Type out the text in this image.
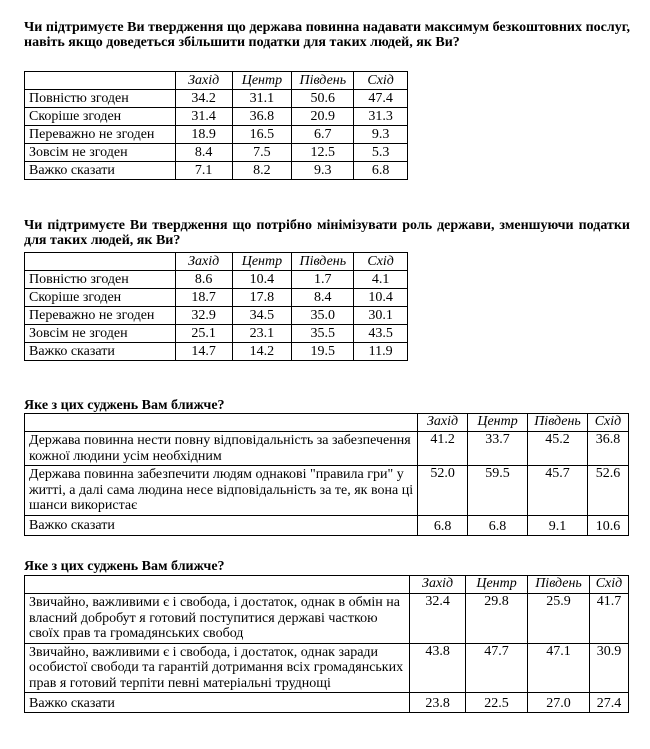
Чи підтримуєте Ви твердження що держава повинна надавати максимум безкоштовних послуг, навіть якщо доведеться збільшити податки для таких людей, як Ви?

	Захід	Центр	Південь	Схід
Повністю згоден	34.2	31.1	50.6	47.4
Скоріше згоден	31.4	36.8	20.9	31.3
Переважно не згоден	18.9	16.5	6.7	9.3
Зовсім не згоден	8.4	7.5	12.5	5.3
Важко сказати	7.1	8.2	9.3	6.8

Чи підтримуєте Ви твердження що потрібно мінімізувати роль держави, зменшуючи податки для таких людей, як Ви?

	Захід	Центр	Південь	Схід
Повністю згоден	8.6	10.4	1.7	4.1
Скоріше згоден	18.7	17.8	8.4	10.4
Переважно не згоден	32.9	34.5	35.0	30.1
Зовсім не згоден	25.1	23.1	35.5	43.5
Важко сказати	14.7	14.2	19.5	11.9

Яке з цих суджень Вам ближче?

	Захід	Центр	Південь	Схід
Держава повинна нести повну відповідальність за забезпечення кожної людини усім необхідним	41.2	33.7	45.2	36.8
Держава повинна забезпечити людям однакові "правила гри" у житті, а далі сама людина несе відповідальність за те, як вона ці шанси використає	52.0	59.5	45.7	52.6
Важко сказати	6.8	6.8	9.1	10.6

Яке з цих суджень Вам ближче?

	Захід	Центр	Південь	Схід
Звичайно, важливими є і свобода, і достаток, однак в обмін на власний добробут я готовий поступитися державі часткою своїх прав та громадянських свобод	32.4	29.8	25.9	41.7
Звичайно, важливими є і свобода, і достаток, однак заради особистої свободи та гарантій дотримання всіх громадянських прав я готовий терпіти певні матеріальні труднощі	43.8	47.7	47.1	30.9
Важко сказати	23.8	22.5	27.0	27.4
